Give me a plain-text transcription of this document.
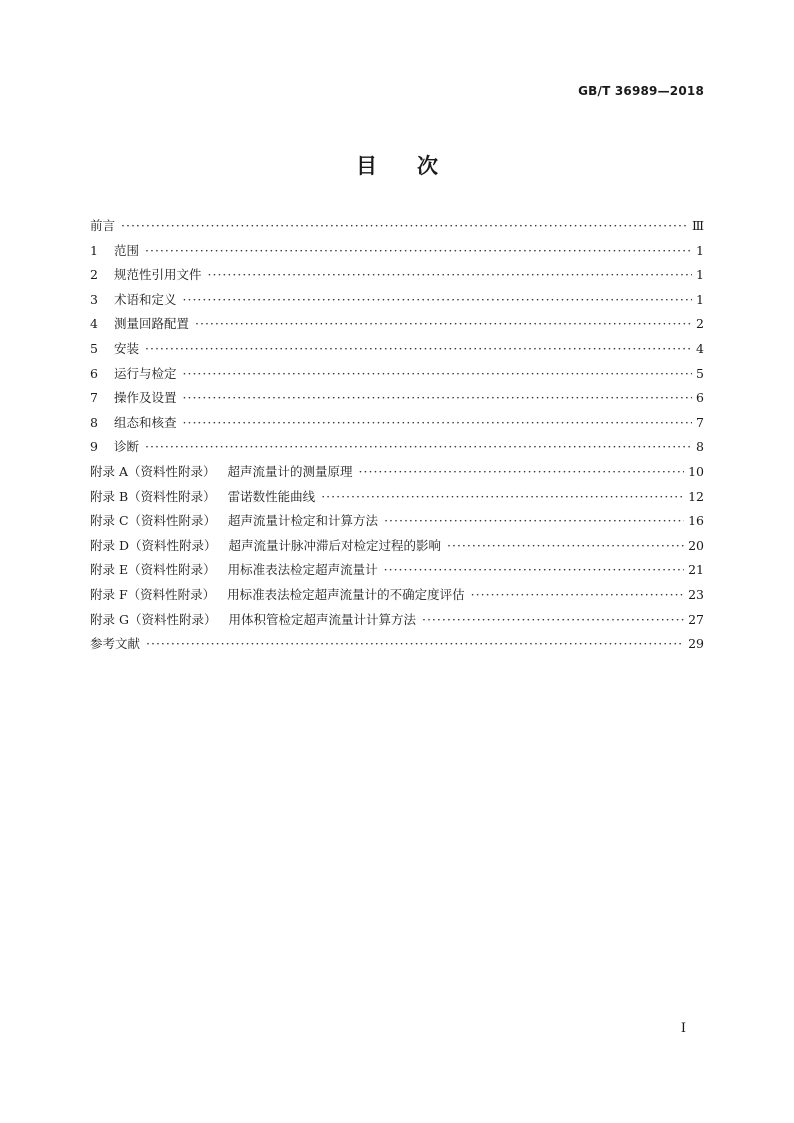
GB/T 36989—2018
目次
前言 ·····	Ⅲ
1 范围 ·····	1
2 规范性引用文件 ·····	1
3 术语和定义 ·····	1
4 测量回路配置 ·····	2
5 安装 ·····	4
6 运行与检定 ·····	5
7 操作及设置 ·····	6
8 组态和核查 ·····	7
9 诊断 ·····	8
附录 A（资料性附录） 超声流量计的测量原理 ·····	10
附录 B（资料性附录） 雷诺数性能曲线 ·····	12
附录 C（资料性附录） 超声流量计检定和计算方法 ·····	16
附录 D（资料性附录） 超声流量计脉冲滞后对检定过程的影响 ·····	20
附录 E（资料性附录） 用标准表法检定超声流量计 ·····	21
附录 F（资料性附录） 用标准表法检定超声流量计的不确定度评估 ·····	23
附录 G（资料性附录） 用体积管检定超声流量计计算方法 ·····	27
参考文献 ·····	29
I
